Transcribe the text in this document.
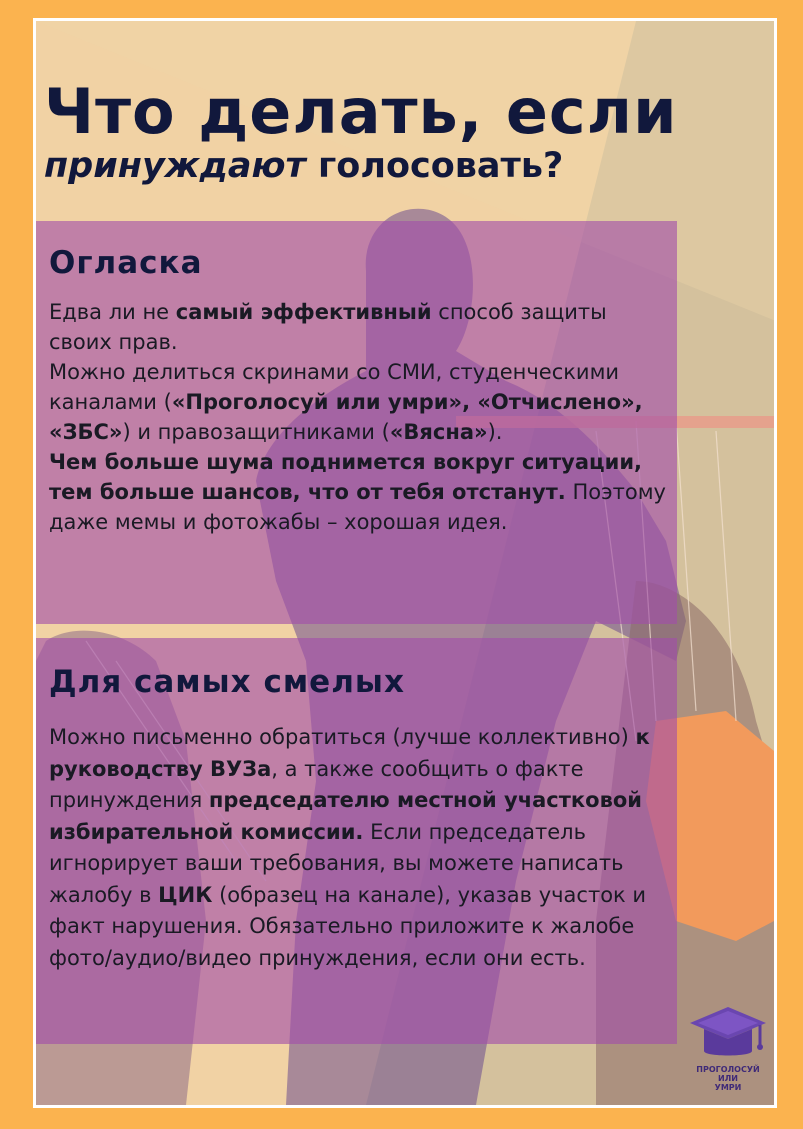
Что делать, если
принуждают голосовать?
Огласка
Едва ли не самый эффективный способ защиты своих прав.
Можно делиться скринами со СМИ, студенческими каналами («Проголосуй или умри», «Отчислено», «ЗБС») и правозащитниками («Вясна»).
Чем больше шума поднимется вокруг ситуации, тем больше шансов, что от тебя отстанут. Поэтому даже мемы и фотожабы – хорошая идея.
Для самых смелых
Можно письменно обратиться (лучше коллективно) к руководству ВУЗа, а также сообщить о факте принуждения председателю местной участковой избирательной комиссии. Если председатель игнорирует ваши требования, вы можете написать жалобу в ЦИК (образец на канале), указав участок и факт нарушения. Обязательно приложите к жалобе фото/аудио/видео принуждения, если они есть.
ПРОГОЛОСУЙ
ИЛИ
УМРИ
